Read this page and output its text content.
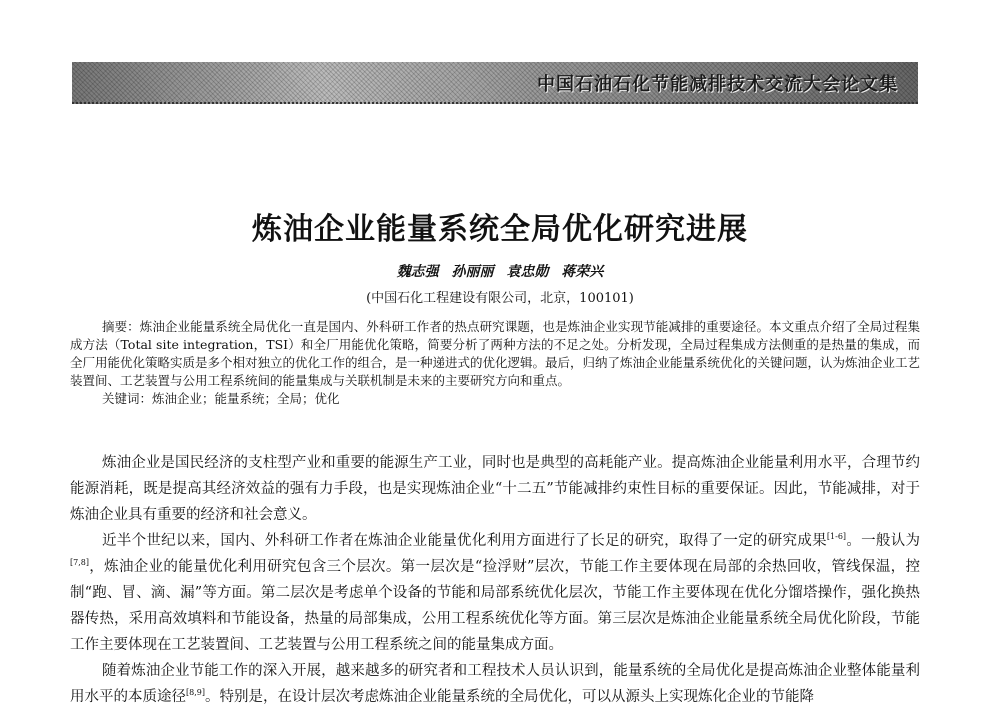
中国石油石化节能减排技术交流大会论文集
炼油企业能量系统全局优化研究进展
魏志强 孙丽丽 袁忠勋 蒋荣兴
(中国石化工程建设有限公司，北京，100101)

摘要：炼油企业能量系统全局优化一直是国内、外科研工作者的热点研究课题，也是炼油企业实现节能减排的重要途径。本文重点介绍了全局过程集成方法（Total site integration，TSI）和全厂用能优化策略，简要分析了两种方法的不足之处。分析发现，全局过程集成方法侧重的是热量的集成，而全厂用能优化策略实质是多个相对独立的优化工作的组合，是一种递进式的优化逻辑。最后，归纳了炼油企业能量系统优化的关键问题，认为炼油企业工艺装置间、工艺装置与公用工程系统间的能量集成与关联机制是未来的主要研究方向和重点。

关键词：炼油企业；能量系统；全局；优化

炼油企业是国民经济的支柱型产业和重要的能源生产工业，同时也是典型的高耗能产业。提高炼油企业能量利用水平，合理节约能源消耗，既是提高其经济效益的强有力手段，也是实现炼油企业“十二五”节能减排约束性目标的重要保证。因此，节能减排，对于炼油企业具有重要的经济和社会意义。

近半个世纪以来，国内、外科研工作者在炼油企业能量优化利用方面进行了长足的研究，取得了一定的研究成果[1-6]。一般认为[7,8]，炼油企业的能量优化利用研究包含三个层次。第一层次是“捡浮财”层次，节能工作主要体现在局部的余热回收，管线保温，控制“跑、冒、滴、漏”等方面。第二层次是考虑单个设备的节能和局部系统优化层次，节能工作主要体现在优化分馏塔操作，强化换热器传热，采用高效填料和节能设备，热量的局部集成，公用工程系统优化等方面。第三层次是炼油企业能量系统全局优化阶段，节能工作主要体现在工艺装置间、工艺装置与公用工程系统之间的能量集成方面。

随着炼油企业节能工作的深入开展，越来越多的研究者和工程技术人员认识到，能量系统的全局优化是提高炼油企业整体能量利用水平的本质途径[8,9]。特别是，在设计层次考虑炼油企业能量系统的全局优化，可以从源头上实现炼化企业的节能降
